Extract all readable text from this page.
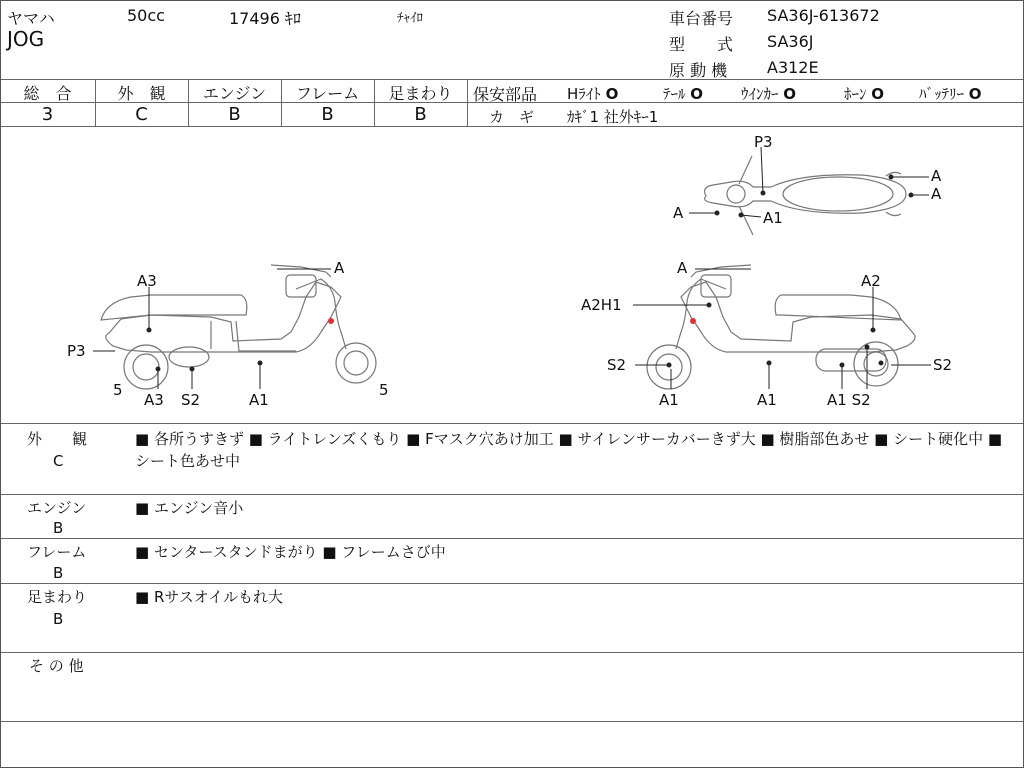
ヤマハ	50cc	17496 ｷﾛ	ﾁｬｲﾛ
JOG
車台番号 SA36J-613672
型　　式 SA36J
原 動 機 A312E
総　合	外　観	エンジン	フレーム	足まわり
3	C	B	B	B
保安部品 Hﾗｲﾄ O	ﾃｰﾙ O	ｳｲﾝｶｰ O	ﾎｰﾝ O ﾊﾞｯﾃﾘｰ O
カ　ギ ｶｷﾞ1 社外ｷｰ1
P3
A
A
A	A1
A
A3
P3
5
A3 S2	A1
5
A
A2
A2H1
S2	S2
A1	A1	A1 S2
外　　観
C
■ 各所うすきず ■ ライトレンズくもり ■ Fマスク穴あけ加工 ■ サイレンサーカバーきず大 ■ 樹脂部色あせ ■ シート硬化中 ■ シート色あせ中
エンジン
B
■ エンジン音小
フレーム
B
■ センタースタンドまがり ■ フレームさび中
足まわり
B
■ Rサスオイルもれ大
そ の 他
